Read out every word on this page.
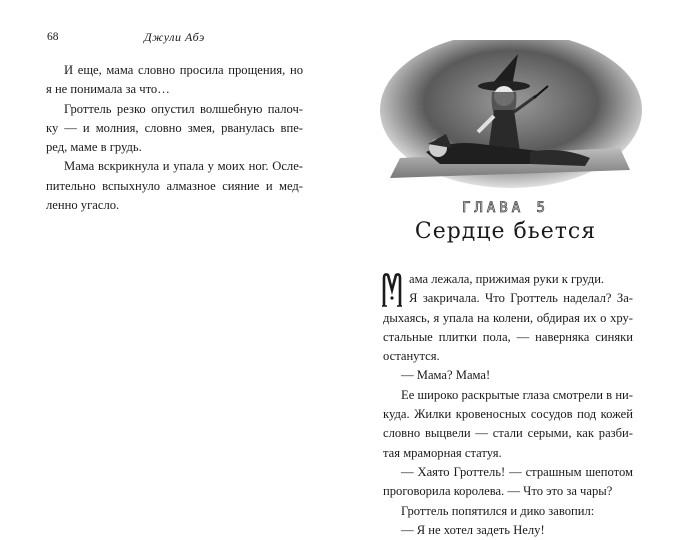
68	Джули Абэ
И еще, мама словно просила прощения, но
я не понимала за что…
Гроттель резко опустил волшебную палоч-
ку — и молния, словно змея, рванулась впе-
ред, маме в грудь.
Мама вскрикнула и упала у моих ног. Осле-
пительно вспыхнуло алмазное сияние и мед-
ленно угасло.	ГЛАВА 5
Сердце бьется
ама лежала, прижимая руки к груди.
Я закричала. Что Гроттель наделал? За-
дыхаясь, я упала на колени, обдирая их о хру-
стальные плитки пола, — наверняка синяки
останутся.
— Мама? Мама!
Ее широко раскрытые глаза смотрели в ни-
куда. Жилки кровеносных сосудов под кожей
словно выцвели — стали серыми, как разби-
тая мраморная статуя.
— Хаято Гроттель! — страшным шепотом
проговорила королева. — Что это за чары?
Гроттель попятился и дико завопил:
— Я не хотел задеть Нелу!
